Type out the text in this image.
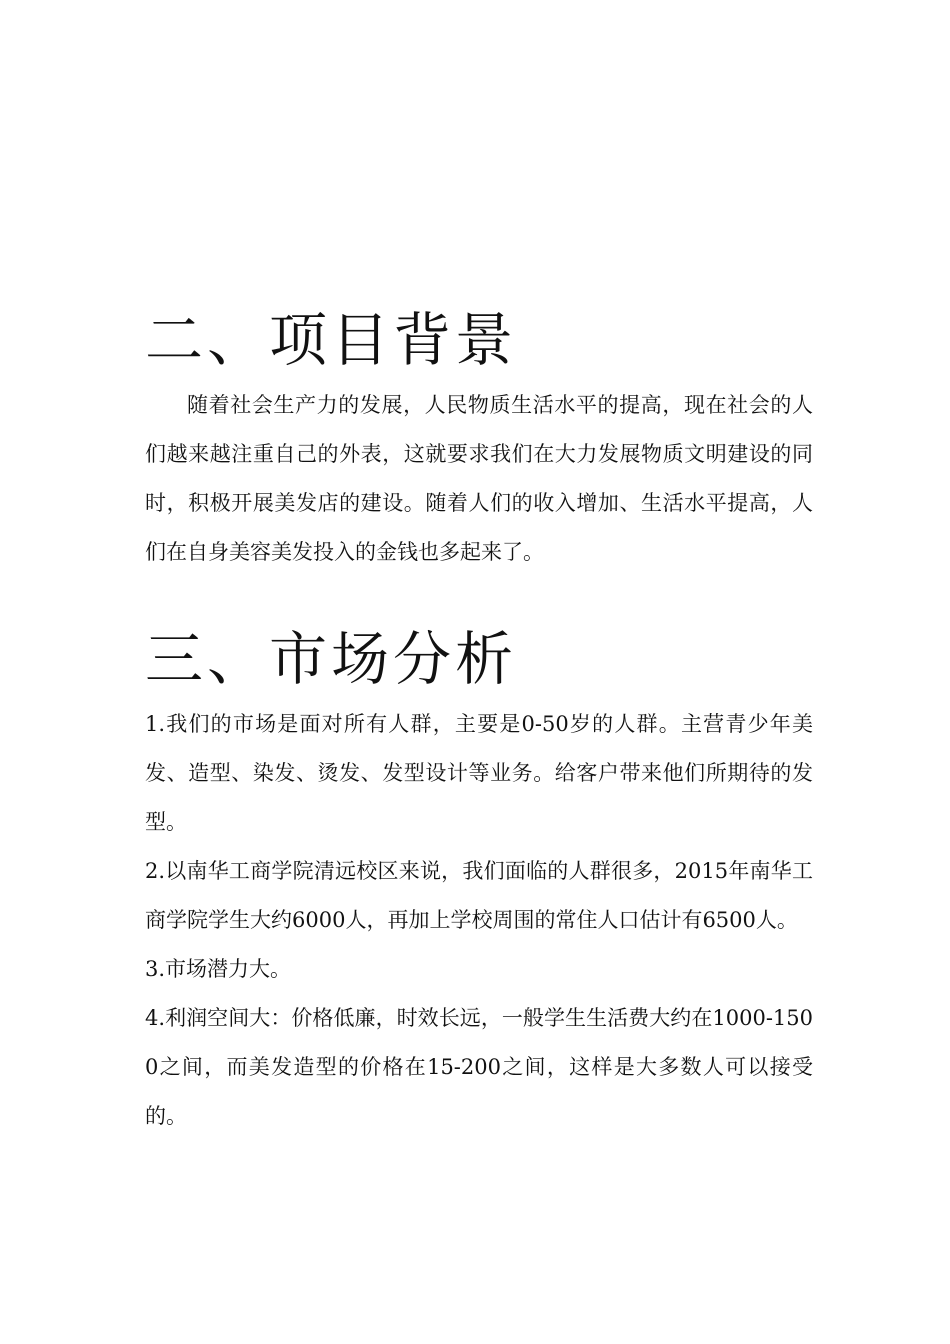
二、项目背景

随着社会生产力的发展，人民物质生活水平的提高，现在社会的人们越来越注重自己的外表，这就要求我们在大力发展物质文明建设的同时，积极开展美发店的建设。随着人们的收入增加、生活水平提高，人们在自身美容美发投入的金钱也多起来了。

三、市场分析

1.我们的市场是面对所有人群，主要是0-50岁的人群。主营青少年美发、造型、染发、烫发、发型设计等业务。给客户带来他们所期待的发型。

2.以南华工商学院清远校区来说，我们面临的人群很多，2015年南华工商学院学生大约6000人，再加上学校周围的常住人口估计有6500人。

3.市场潜力大。

4.利润空间大：价格低廉，时效长远，一般学生生活费大约在1000-1500之间，而美发造型的价格在15-200之间，这样是大多数人可以接受的。
